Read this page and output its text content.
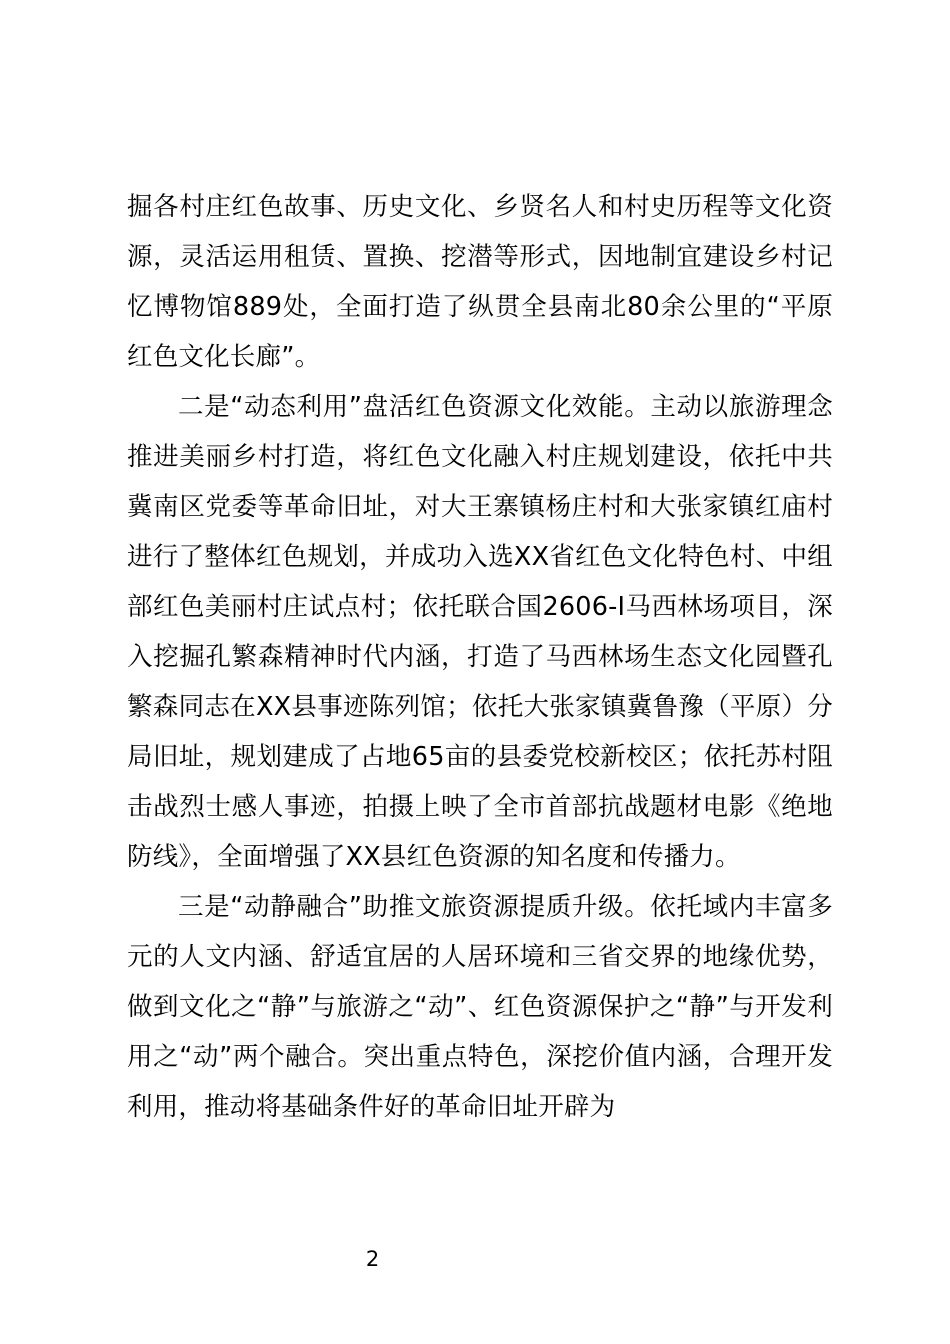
掘各村庄红色故事、历史文化、乡贤名人和村史历程等文化资源，灵活运用租赁、置换、挖潜等形式，因地制宜建设乡村记忆博物馆889处，全面打造了纵贯全县南北80余公里的“平原红色文化长廊”。

二是“动态利用”盘活红色资源文化效能。主动以旅游理念推进美丽乡村打造，将红色文化融入村庄规划建设，依托中共冀南区党委等革命旧址，对大王寨镇杨庄村和大张家镇红庙村进行了整体红色规划，并成功入选XX省红色文化特色村、中组部红色美丽村庄试点村；依托联合国2606-I马西林场项目，深入挖掘孔繁森精神时代内涵，打造了马西林场生态文化园暨孔繁森同志在XX县事迹陈列馆；依托大张家镇冀鲁豫（平原）分局旧址，规划建成了占地65亩的县委党校新校区；依托苏村阻击战烈士感人事迹，拍摄上映了全市首部抗战题材电影《绝地防线》，全面增强了XX县红色资源的知名度和传播力。

三是“动静融合”助推文旅资源提质升级。依托域内丰富多元的人文内涵、舒适宜居的人居环境和三省交界的地缘优势，做到文化之“静”与旅游之“动”、红色资源保护之“静”与开发利用之“动”两个融合。突出重点特色，深挖价值内涵，合理开发利用，推动将基础条件好的革命旧址开辟为

2
